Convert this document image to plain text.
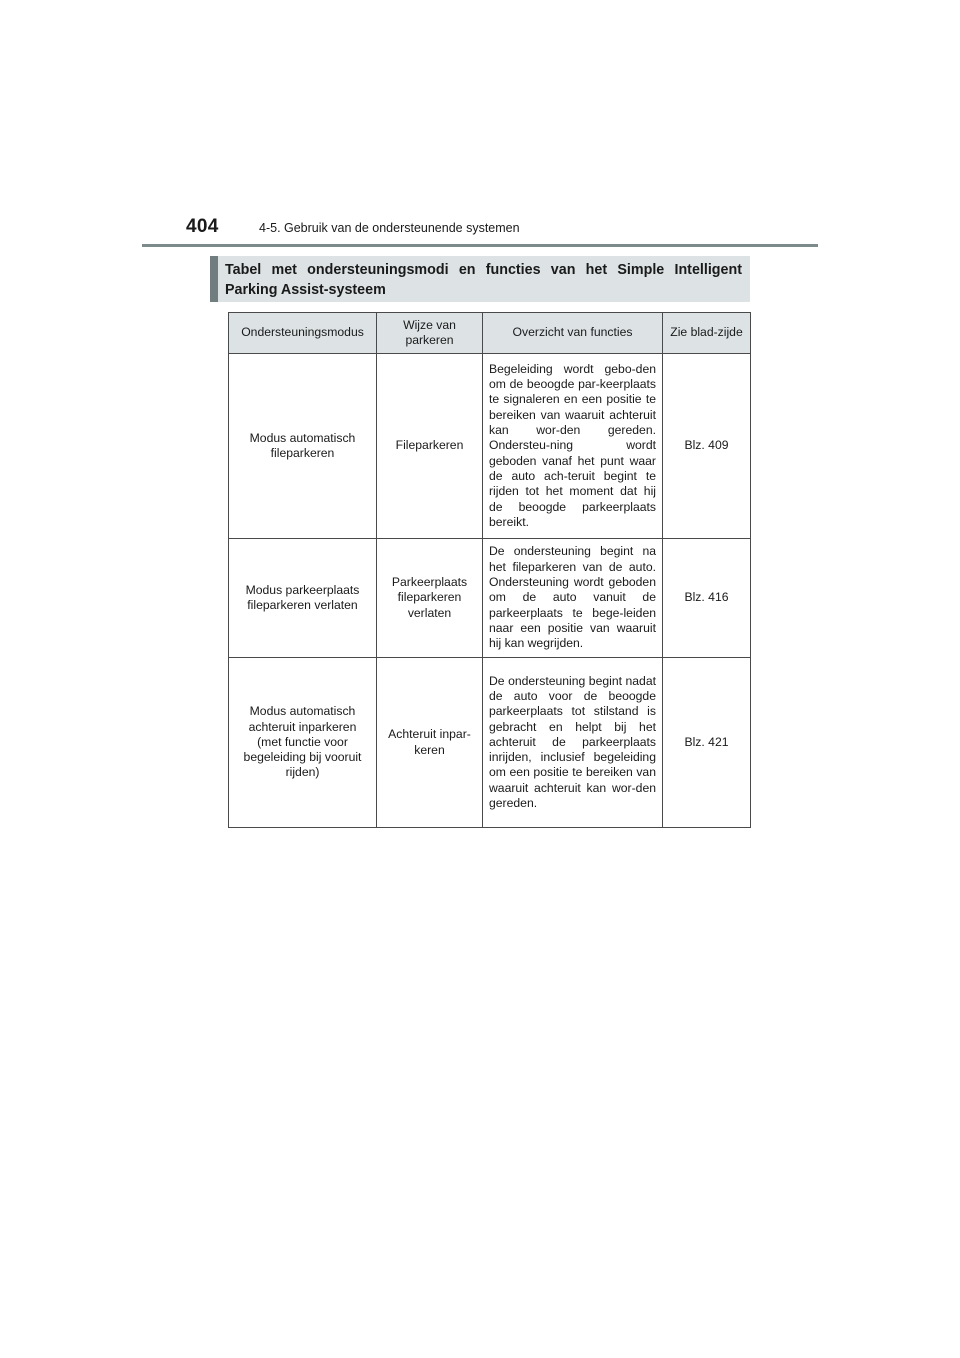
404	4-5. Gebruik van de ondersteunende systemen
Tabel met ondersteuningsmodi en functies van het Simple Intelligent Parking Assist-systeem
Ondersteuningsmodus	Wijze van parkeren	Overzicht van functies	Zie blad-zijde
Modus automatisch fileparkeren	Fileparkeren	Begeleiding wordt gebo-den om de beoogde par-keerplaats te signaleren en een positie te bereiken van waaruit achteruit kan wor-den gereden. Ondersteu-ning wordt geboden vanaf het punt waar de auto ach-teruit begint te rijden tot het moment dat hij de beoogde parkeerplaats bereikt.	Blz. 409
Modus parkeerplaats fileparkeren verlaten	Parkeerplaats fileparkeren verlaten	De ondersteuning begint na het fileparkeren van de auto. Ondersteuning wordt geboden om de auto vanuit de parkeerplaats te bege-leiden naar een positie van waaruit hij kan wegrijden.	Blz. 416
Modus automatisch achteruit inparkeren (met functie voor begeleiding bij vooruit rijden)	Achteruit inpar-keren	De ondersteuning begint nadat de auto voor de beoogde parkeerplaats tot stilstand is gebracht en helpt bij het achteruit de parkeerplaats inrijden, inclusief begeleiding om een positie te bereiken van waaruit achteruit kan wor-den gereden.	Blz. 421
